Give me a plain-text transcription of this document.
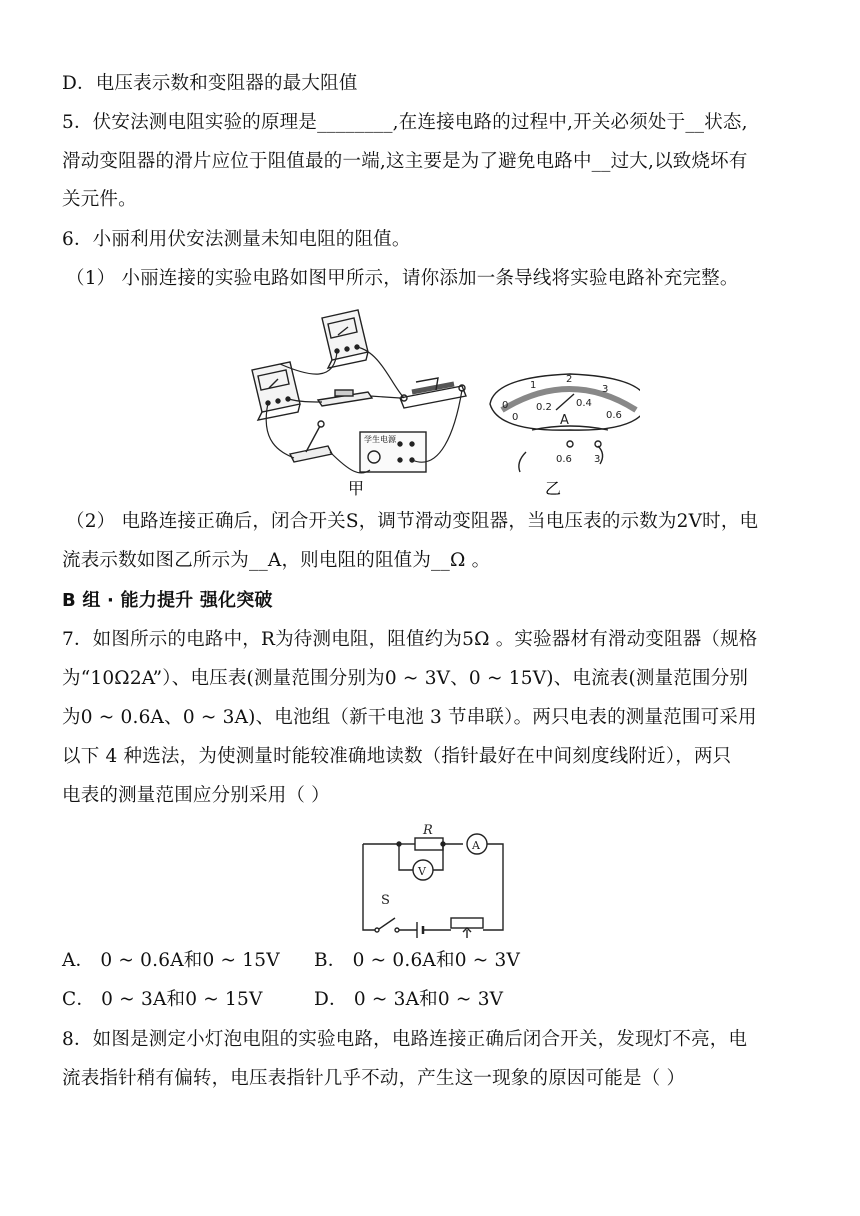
D．电压表示数和变阻器的最大阻值
5．伏安法测电阻实验的原理是________,在连接电路的过程中,开关必须处于__状态,
滑动变阻器的滑片应位于阻值最的一端,这主要是为了避免电路中__过大,以致烧坏有
关元件。
6．小丽利用伏安法测量未知电阻的阻值。
（1） 小丽连接的实验电路如图甲所示，请你添加一条导线将实验电路补充完整。
学生电源
甲
0
1
2
3
0
0.2 0.4
0.6
A
0.6 3
乙
（2） 电路连接正确后，闭合开关S，调节滑动变阻器，当电压表的示数为2V时，电
流表示数如图乙所示为__A，则电阻的阻值为__Ω 。
B 组 · 能力提升 强化突破
7．如图所示的电路中，R为待测电阻，阻值约为5Ω 。实验器材有滑动变阻器（规格
为“10Ω2A”）、电压表(测量范围分别为0 ~ 3V、0 ~ 15V)、电流表(测量范围分别
为0 ~ 0.6A、0 ~ 3A)、电池组（新干电池 3 节串联）。两只电表的测量范围可采用
以下 4 种选法，为使测量时能较准确地读数（指针最好在中间刻度线附近），两只
电表的测量范围应分别采用（ ）
R
A
V
S
A． 0 ~ 0.6A和0 ~ 15V B． 0 ~ 0.6A和0 ~ 3V
C． 0 ~ 3A和0 ~ 15V	D． 0 ~ 3A和0 ~ 3V
8．如图是测定小灯泡电阻的实验电路，电路连接正确后闭合开关，发现灯不亮，电
流表指针稍有偏转，电压表指针几乎不动，产生这一现象的原因可能是（ ）
